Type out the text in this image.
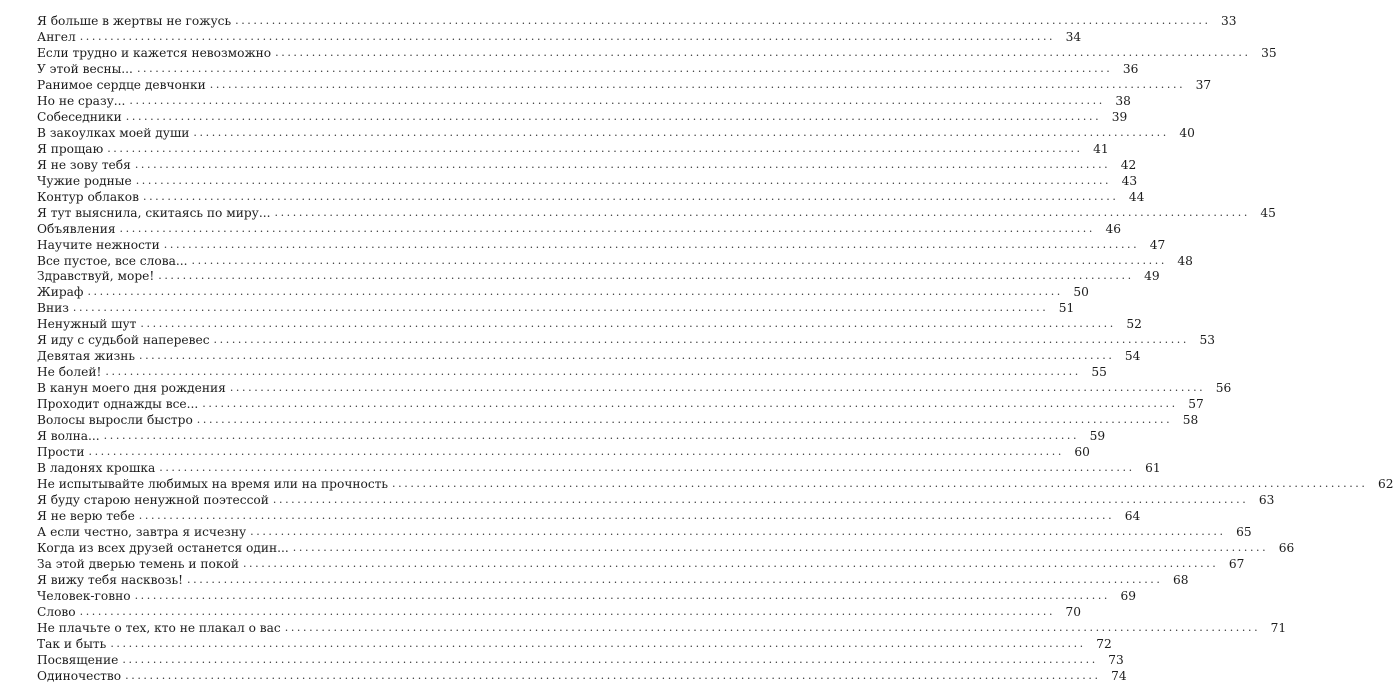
Я больше в жертвы не гожусь ................................................................................................................................................................ 33
Ангел ................................................................................................................................................................ 34
Если трудно и кажется невозможно ................................................................................................................................................................ 35
У этой весны... ................................................................................................................................................................ 36
Ранимое сердце девчонки ................................................................................................................................................................ 37
Но не сразу... ................................................................................................................................................................ 38
Собеседники ................................................................................................................................................................ 39
В закоулках моей души ................................................................................................................................................................ 40
Я прощаю ................................................................................................................................................................ 41
Я не зову тебя ................................................................................................................................................................ 42
Чужие родные ................................................................................................................................................................ 43
Контур облаков ................................................................................................................................................................ 44
Я тут выяснила, скитаясь по миру... ................................................................................................................................................................ 45
Объявления ................................................................................................................................................................ 46
Научите нежности ................................................................................................................................................................ 47
Все пустое, все слова... ................................................................................................................................................................ 48
Здравствуй, море! ................................................................................................................................................................ 49
Жираф ................................................................................................................................................................ 50
Вниз ................................................................................................................................................................ 51
Ненужный шут ................................................................................................................................................................ 52
Я иду с судьбой наперевес ................................................................................................................................................................ 53
Девятая жизнь ................................................................................................................................................................ 54
Не болей! ................................................................................................................................................................ 55
В канун моего дня рождения ................................................................................................................................................................ 56
Проходит однажды все... ................................................................................................................................................................ 57
Волосы выросли быстро ................................................................................................................................................................ 58
Я волна... ................................................................................................................................................................ 59
Прости ................................................................................................................................................................ 60
В ладонях крошка ................................................................................................................................................................ 61
Не испытывайте любимых на время или на прочность ................................................................................................................................................................ 62
Я буду старою ненужной поэтессой ................................................................................................................................................................ 63
Я не верю тебе ................................................................................................................................................................ 64
А если честно, завтра я исчезну ................................................................................................................................................................ 65
Когда из всех друзей останется один... ................................................................................................................................................................ 66
За этой дверью темень и покой ................................................................................................................................................................ 67
Я вижу тебя насквозь! ................................................................................................................................................................ 68
Человек-говно ................................................................................................................................................................ 69
Слово ................................................................................................................................................................ 70
Не плачьте о тех, кто не плакал о вас ................................................................................................................................................................ 71
Так и быть ................................................................................................................................................................ 72
Посвящение ................................................................................................................................................................ 73
Одиночество ................................................................................................................................................................ 74
